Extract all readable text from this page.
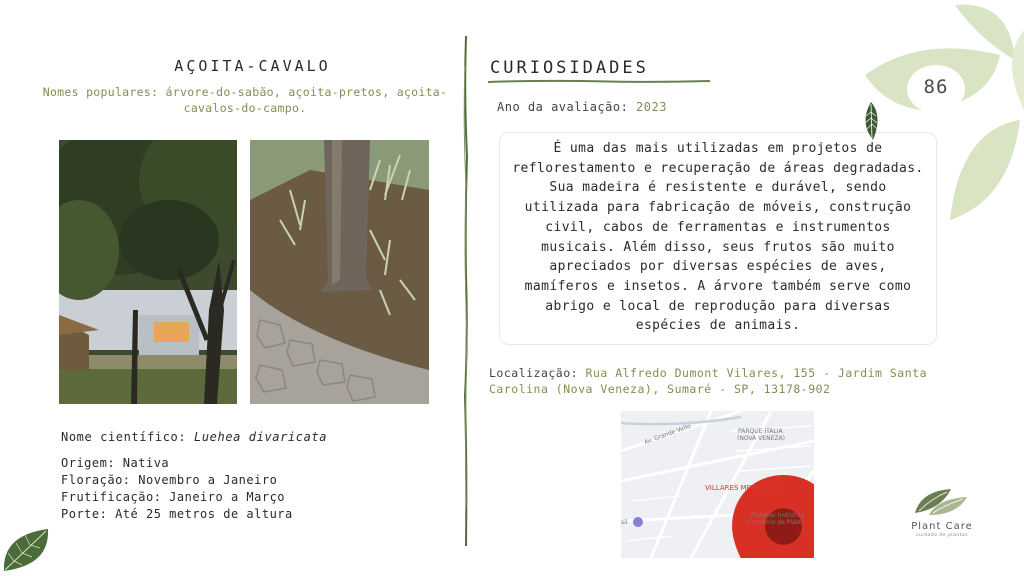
AÇOITA-CAVALO
Nomes populares: árvore-do-sabão, açoita-pretos, açoita-cavalos-do-campo.
Nome científico: Luehea divaricata
Origem: Nativa
Floração: Novembro a Janeiro
Frutificação: Janeiro a Março
Porte: Até 25 metros de altura
CURIOSIDADES
Ano da avaliação: 2023
É uma das mais utilizadas em projetos de reflorestamento e recuperação de áreas degradadas. Sua madeira é resistente e durável, sendo utilizada para fabricação de móveis, construção civil, cabos de ferramentas e instrumentos musicais. Além disso, seus frutos são muito apreciados por diversas espécies de aves, mamíferos e insetos. A árvore também serve como abrigo e local de reprodução para diversas espécies de animais.
Localização: Rua Alfredo Dumont Vilares, 155 - Jardim Santa Carolina (Nova Veneza), Sumaré - SP, 13178-902
Av. Grande Vello	PARQUE ITALIA
(NOVA VENEZA)
VILLARES METALS SA
Planmar Indústria
Comércio de Plásti
sil
86
Plant Care
cuidado de plantas
